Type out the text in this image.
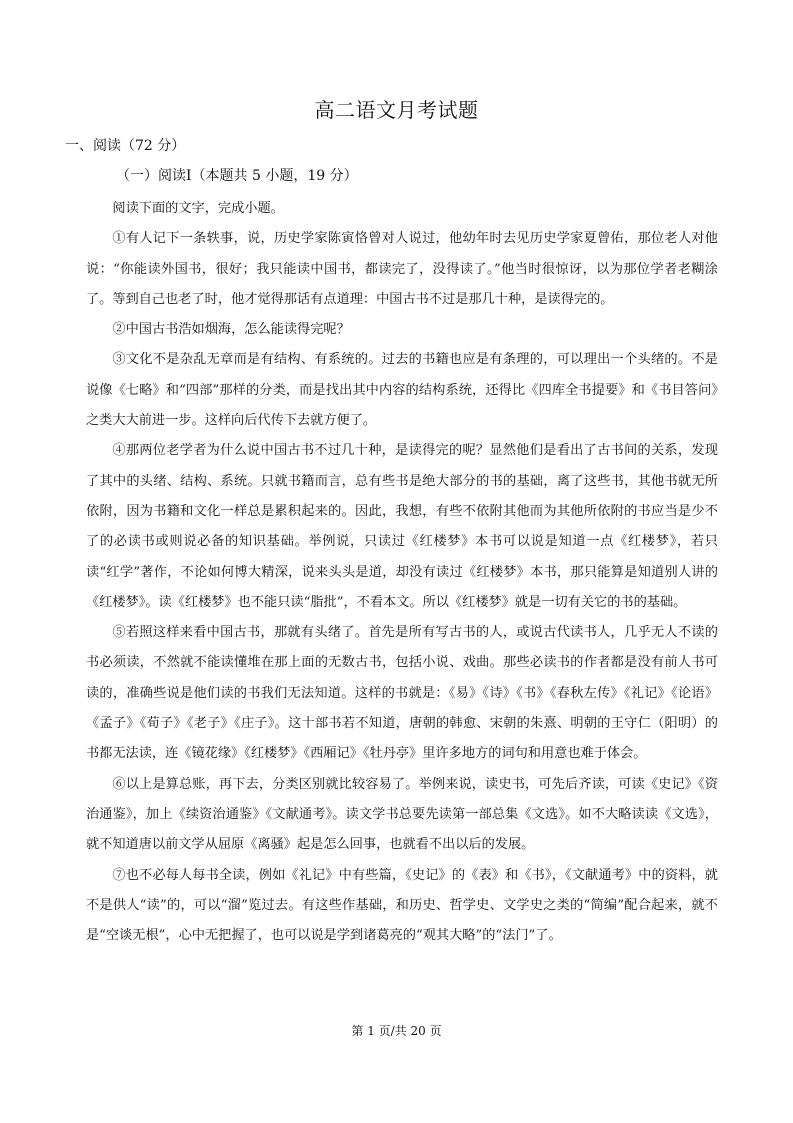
高二语文月考试题
一、阅读（72 分）
（一）阅读Ⅰ（本题共 5 小题，19 分）

阅读下面的文字，完成小题。

①有人记下一条轶事，说，历史学家陈寅恪曾对人说过，他幼年时去见历史学家夏曾佑，那位老人对他说：“你能读外国书，很好；我只能读中国书，都读完了，没得读了。”他当时很惊讶，以为那位学者老糊涂了。等到自己也老了时，他才觉得那话有点道理：中国古书不过是那几十种，是读得完的。

②中国古书浩如烟海，怎么能读得完呢？

③文化不是杂乱无章而是有结构、有系统的。过去的书籍也应是有条理的，可以理出一个头绪的。不是说像《七略》和“四部”那样的分类，而是找出其中内容的结构系统，还得比《四库全书提要》和《书目答问》之类大大前进一步。这样向后代传下去就方便了。

④那两位老学者为什么说中国古书不过几十种，是读得完的呢？显然他们是看出了古书间的关系，发现了其中的头绪、结构、系统。只就书籍而言，总有些书是绝大部分的书的基础，离了这些书，其他书就无所依附，因为书籍和文化一样总是累积起来的。因此，我想，有些不依附其他而为其他所依附的书应当是少不了的必读书或则说必备的知识基础。举例说，只读过《红楼梦》本书可以说是知道一点《红楼梦》，若只读“红学”著作，不论如何博大精深，说来头头是道，却没有读过《红楼梦》本书，那只能算是知道别人讲的《红楼梦》。读《红楼梦》也不能只读“脂批”，不看本文。所以《红楼梦》就是一切有关它的书的基础。

⑤若照这样来看中国古书，那就有头绪了。首先是所有写古书的人，或说古代读书人，几乎无人不读的书必须读，不然就不能读懂堆在那上面的无数古书，包括小说、戏曲。那些必读书的作者都是没有前人书可读的，准确些说是他们读的书我们无法知道。这样的书就是：《易》《诗》《书》《春秋左传》《礼记》《论语》《孟子》《荀子》《老子》《庄子》。这十部书若不知道，唐朝的韩愈、宋朝的朱熹、明朝的王守仁（阳明）的书都无法读，连《镜花缘》《红楼梦》《西厢记》《牡丹亭》里许多地方的词句和用意也难于体会。

⑥以上是算总账，再下去，分类区别就比较容易了。举例来说，读史书，可先后齐读，可读《史记》《资治通鉴》，加上《续资治通鉴》《文献通考》。读文学书总要先读第一部总集《文选》。如不大略读读《文选》，就不知道唐以前文学从屈原《离骚》起是怎么回事，也就看不出以后的发展。

⑦也不必每人每书全读，例如《礼记》中有些篇，《史记》的《表》和《书》，《文献通考》中的资料，就不是供人“读”的，可以“溜”览过去。有这些作基础，和历史、哲学史、文学史之类的“简编”配合起来，就不是“空谈无根”，心中无把握了，也可以说是学到诸葛亮的“观其大略”的“法门”了。

第 1 页/共 20 页
